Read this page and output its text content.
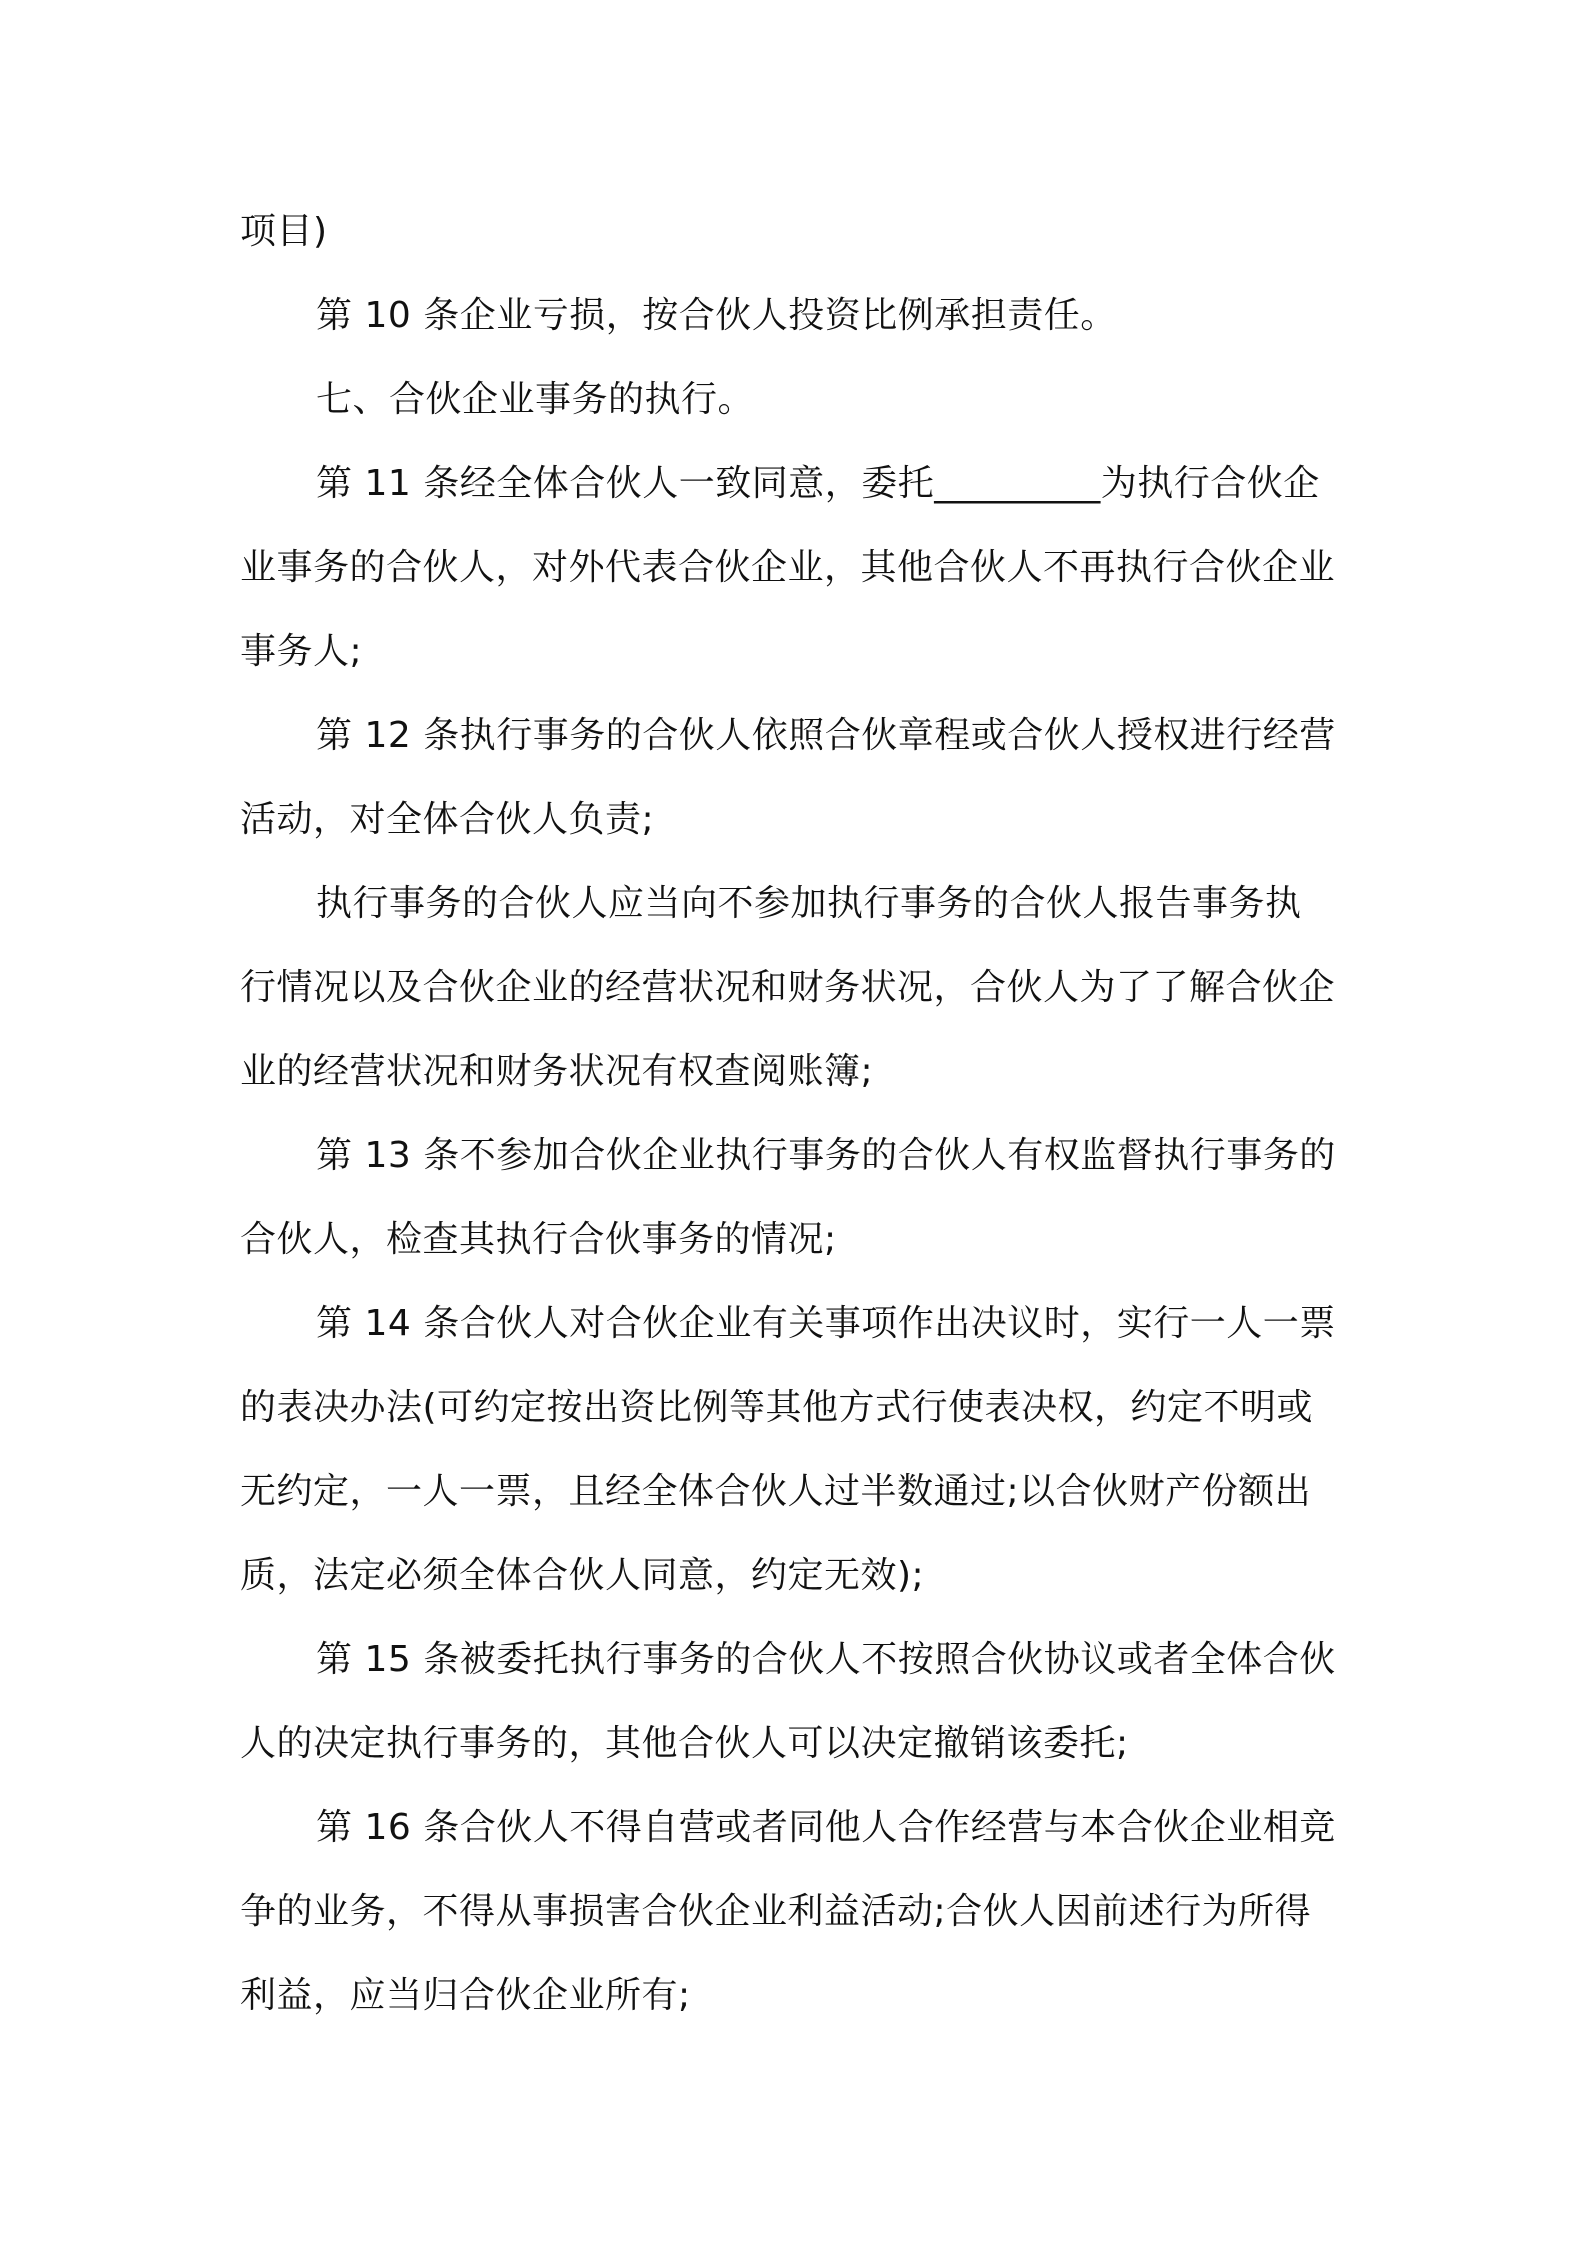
项目)
第 10 条企业亏损，按合伙人投资比例承担责任。
七、合伙企业事务的执行。
第 11 条经全体合伙人一致同意，委托_________为执行合伙企
业事务的合伙人，对外代表合伙企业，其他合伙人不再执行合伙企业
事务人;
第 12 条执行事务的合伙人依照合伙章程或合伙人授权进行经营
活动，对全体合伙人负责;
执行事务的合伙人应当向不参加执行事务的合伙人报告事务执
行情况以及合伙企业的经营状况和财务状况，合伙人为了了解合伙企
业的经营状况和财务状况有权查阅账簿;
第 13 条不参加合伙企业执行事务的合伙人有权监督执行事务的
合伙人，检查其执行合伙事务的情况;
第 14 条合伙人对合伙企业有关事项作出决议时，实行一人一票
的表决办法(可约定按出资比例等其他方式行使表决权，约定不明或
无约定，一人一票，且经全体合伙人过半数通过;以合伙财产份额出
质，法定必须全体合伙人同意，约定无效);
第 15 条被委托执行事务的合伙人不按照合伙协议或者全体合伙
人的决定执行事务的，其他合伙人可以决定撤销该委托;
第 16 条合伙人不得自营或者同他人合作经营与本合伙企业相竞
争的业务，不得从事损害合伙企业利益活动;合伙人因前述行为所得
利益，应当归合伙企业所有;
